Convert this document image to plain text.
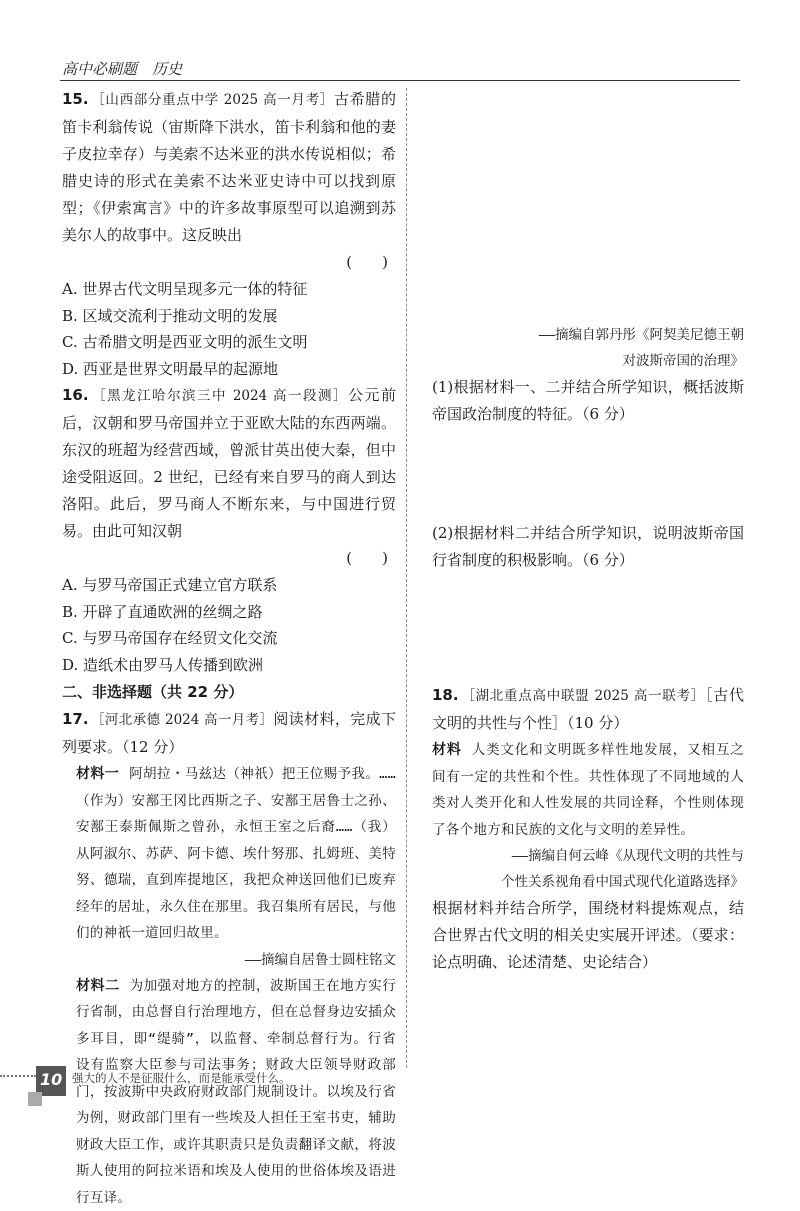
高中必刷题　历史
15. ［山西部分重点中学 2025 高一月考］古希腊的笛卡利翁传说（宙斯降下洪水，笛卡利翁和他的妻子皮拉幸存）与美索不达米亚的洪水传说相似；希腊史诗的形式在美索不达米亚史诗中可以找到原型；《伊索寓言》中的许多故事原型可以追溯到苏美尔人的故事中。这反映出
(　　)
A. 世界古代文明呈现多元一体的特征
B. 区域交流利于推动文明的发展
C. 古希腊文明是西亚文明的派生文明
D. 西亚是世界文明最早的起源地
16. ［黑龙江哈尔滨三中 2024 高一段测］公元前后，汉朝和罗马帝国并立于亚欧大陆的东西两端。东汉的班超为经营西域，曾派甘英出使大秦，但中途受阻返回。2 世纪，已经有来自罗马的商人到达洛阳。此后，罗马商人不断东来，与中国进行贸易。由此可知汉朝
(　　)
A. 与罗马帝国正式建立官方联系
B. 开辟了直通欧洲的丝绸之路
C. 与罗马帝国存在经贸文化交流
D. 造纸术由罗马人传播到欧洲
二、非选择题（共 22 分）
17. ［河北承德 2024 高一月考］阅读材料，完成下列要求。（12 分）
材料一 阿胡拉・马兹达（神祇）把王位赐予我。……（作为）安鄯王冈比西斯之子、安鄯王居鲁士之孙、安鄯王泰斯佩斯之曾孙，永恒王室之后裔……（我）从阿淑尔、苏萨、阿卡德、埃什努那、扎姆班、美特努、德瑞，直到库提地区，我把众神送回他们已废弃经年的居址，永久住在那里。我召集所有居民，与他们的神祇一道回归故里。
——摘编自居鲁士圆柱铭文
材料二 为加强对地方的控制，波斯国王在地方实行行省制，由总督自行治理地方，但在总督身边安插众多耳目，即“缇骑”，以监督、牵制总督行为。行省设有监察大臣参与司法事务；财政大臣领导财政部门，按波斯中央政府财政部门规制设计。以埃及行省为例，财政部门里有一些埃及人担任王室书吏，辅助财政大臣工作，或许其职责只是负责翻译文献，将波斯人使用的阿拉米语和埃及人使用的世俗体埃及语进行互译。
——摘编自郭丹彤《阿契美尼德王朝
对波斯帝国的治理》
(1)根据材料一、二并结合所学知识，概括波斯帝国政治制度的特征。（6 分）
(2)根据材料二并结合所学知识，说明波斯帝国行省制度的积极影响。（6 分）
18. ［湖北重点高中联盟 2025 高一联考］［古代文明的共性与个性］（10 分）
材料 人类文化和文明既多样性地发展，又相互之间有一定的共性和个性。共性体现了不同地域的人类对人类开化和人性发展的共同诠释，个性则体现了各个地方和民族的文化与文明的差异性。
——摘编自何云峰《从现代文明的共性与
个性关系视角看中国式现代化道路选择》
根据材料并结合所学，围绕材料提炼观点，结合世界古代文明的相关史实展开评述。（要求：论点明确、论述清楚、史论结合）
10 强大的人不是征服什么，而是能承受什么。
